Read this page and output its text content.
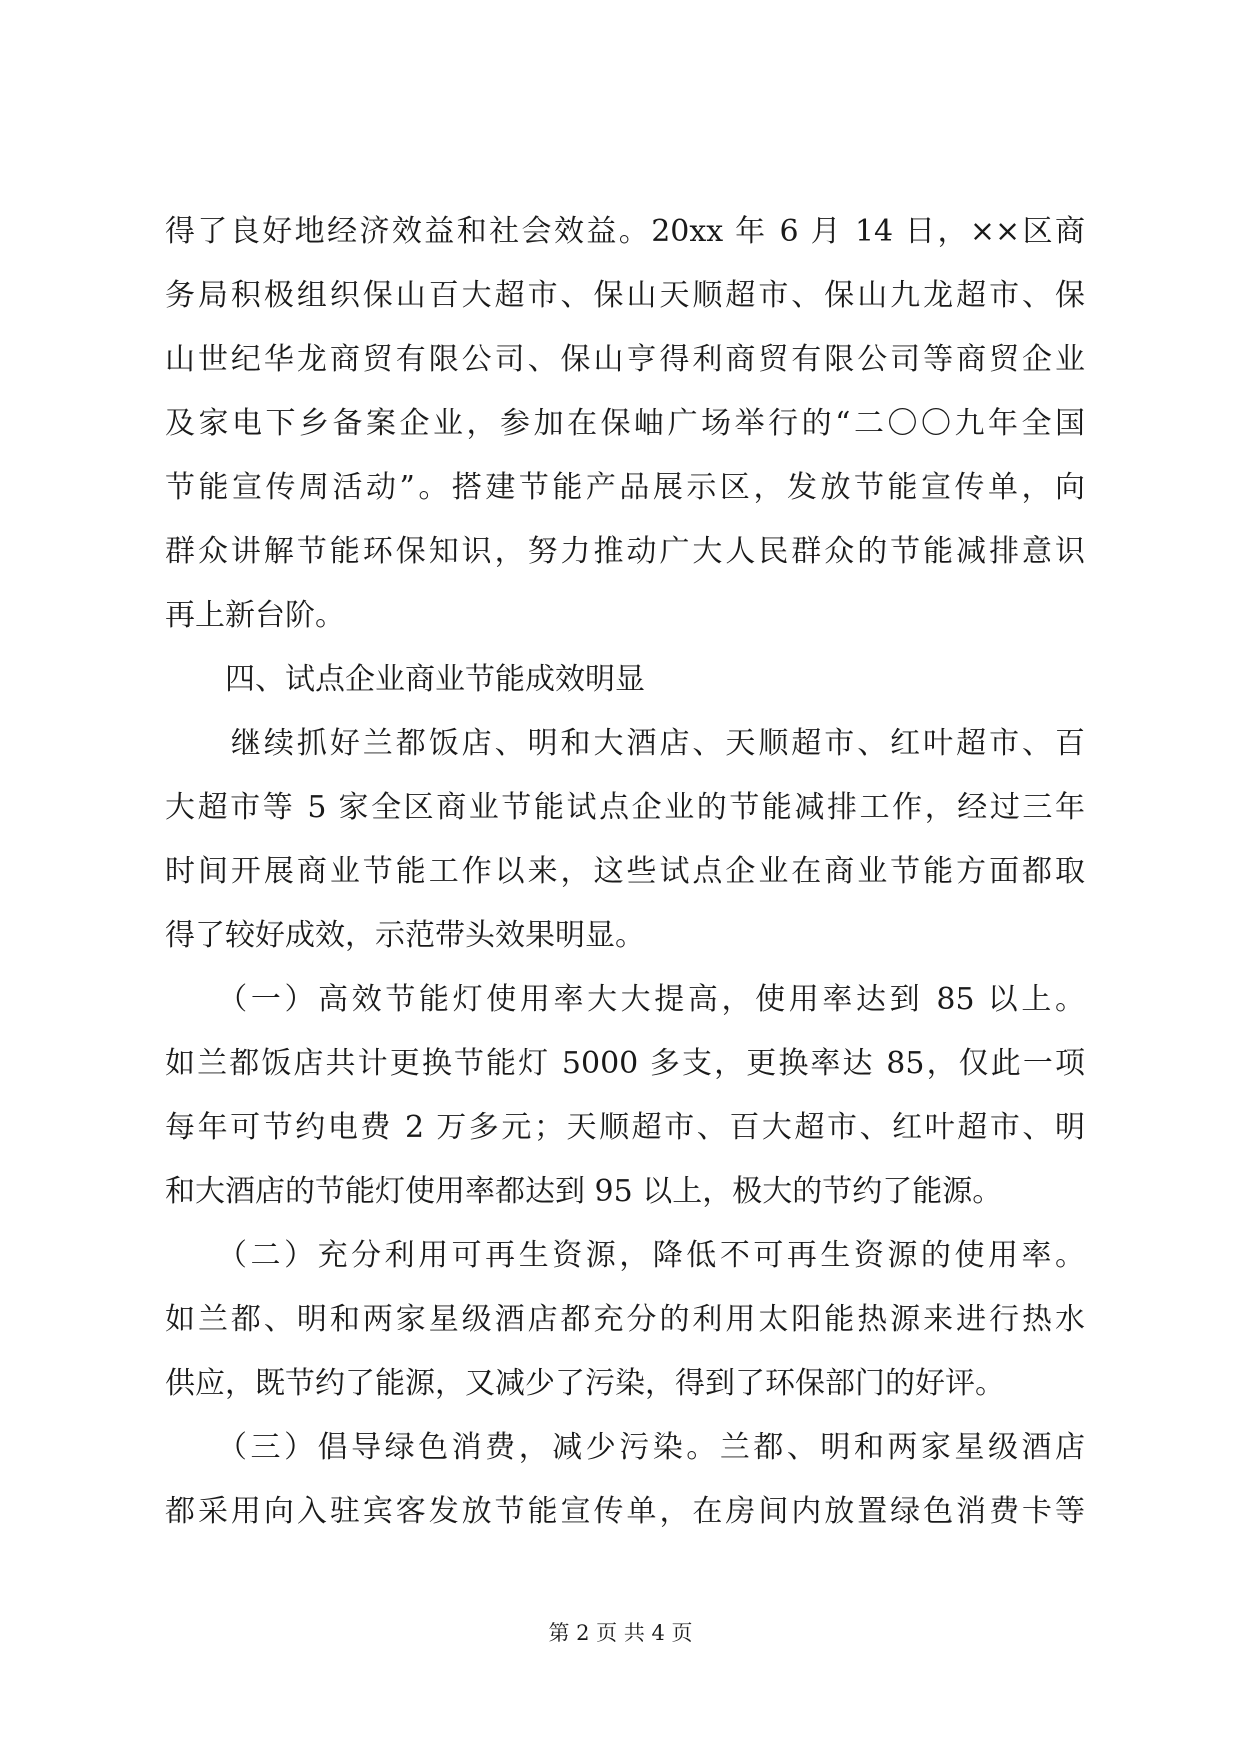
得了良好地经济效益和社会效益。20xx 年 6 月 14 日，××区商
务局积极组织保山百大超市、保山天顺超市、保山九龙超市、保
山世纪华龙商贸有限公司、保山亨得利商贸有限公司等商贸企业
及家电下乡备案企业，参加在保岫广场举行的“二〇〇九年全国
节能宣传周活动”。搭建节能产品展示区，发放节能宣传单，向
群众讲解节能环保知识，努力推动广大人民群众的节能减排意识
再上新台阶。
　　四、试点企业商业节能成效明显
　　继续抓好兰都饭店、明和大酒店、天顺超市、红叶超市、百
大超市等 5 家全区商业节能试点企业的节能减排工作，经过三年
时间开展商业节能工作以来，这些试点企业在商业节能方面都取
得了较好成效，示范带头效果明显。
　　（一）高效节能灯使用率大大提高，使用率达到 85 以上。
如兰都饭店共计更换节能灯 5000 多支，更换率达 85，仅此一项
每年可节约电费 2 万多元；天顺超市、百大超市、红叶超市、明
和大酒店的节能灯使用率都达到 95 以上，极大的节约了能源。
　　（二）充分利用可再生资源，降低不可再生资源的使用率。
如兰都、明和两家星级酒店都充分的利用太阳能热源来进行热水
供应，既节约了能源，又减少了污染，得到了环保部门的好评。
　　（三）倡导绿色消费，减少污染。兰都、明和两家星级酒店
都采用向入驻宾客发放节能宣传单，在房间内放置绿色消费卡等
第 2 页 共 4 页
